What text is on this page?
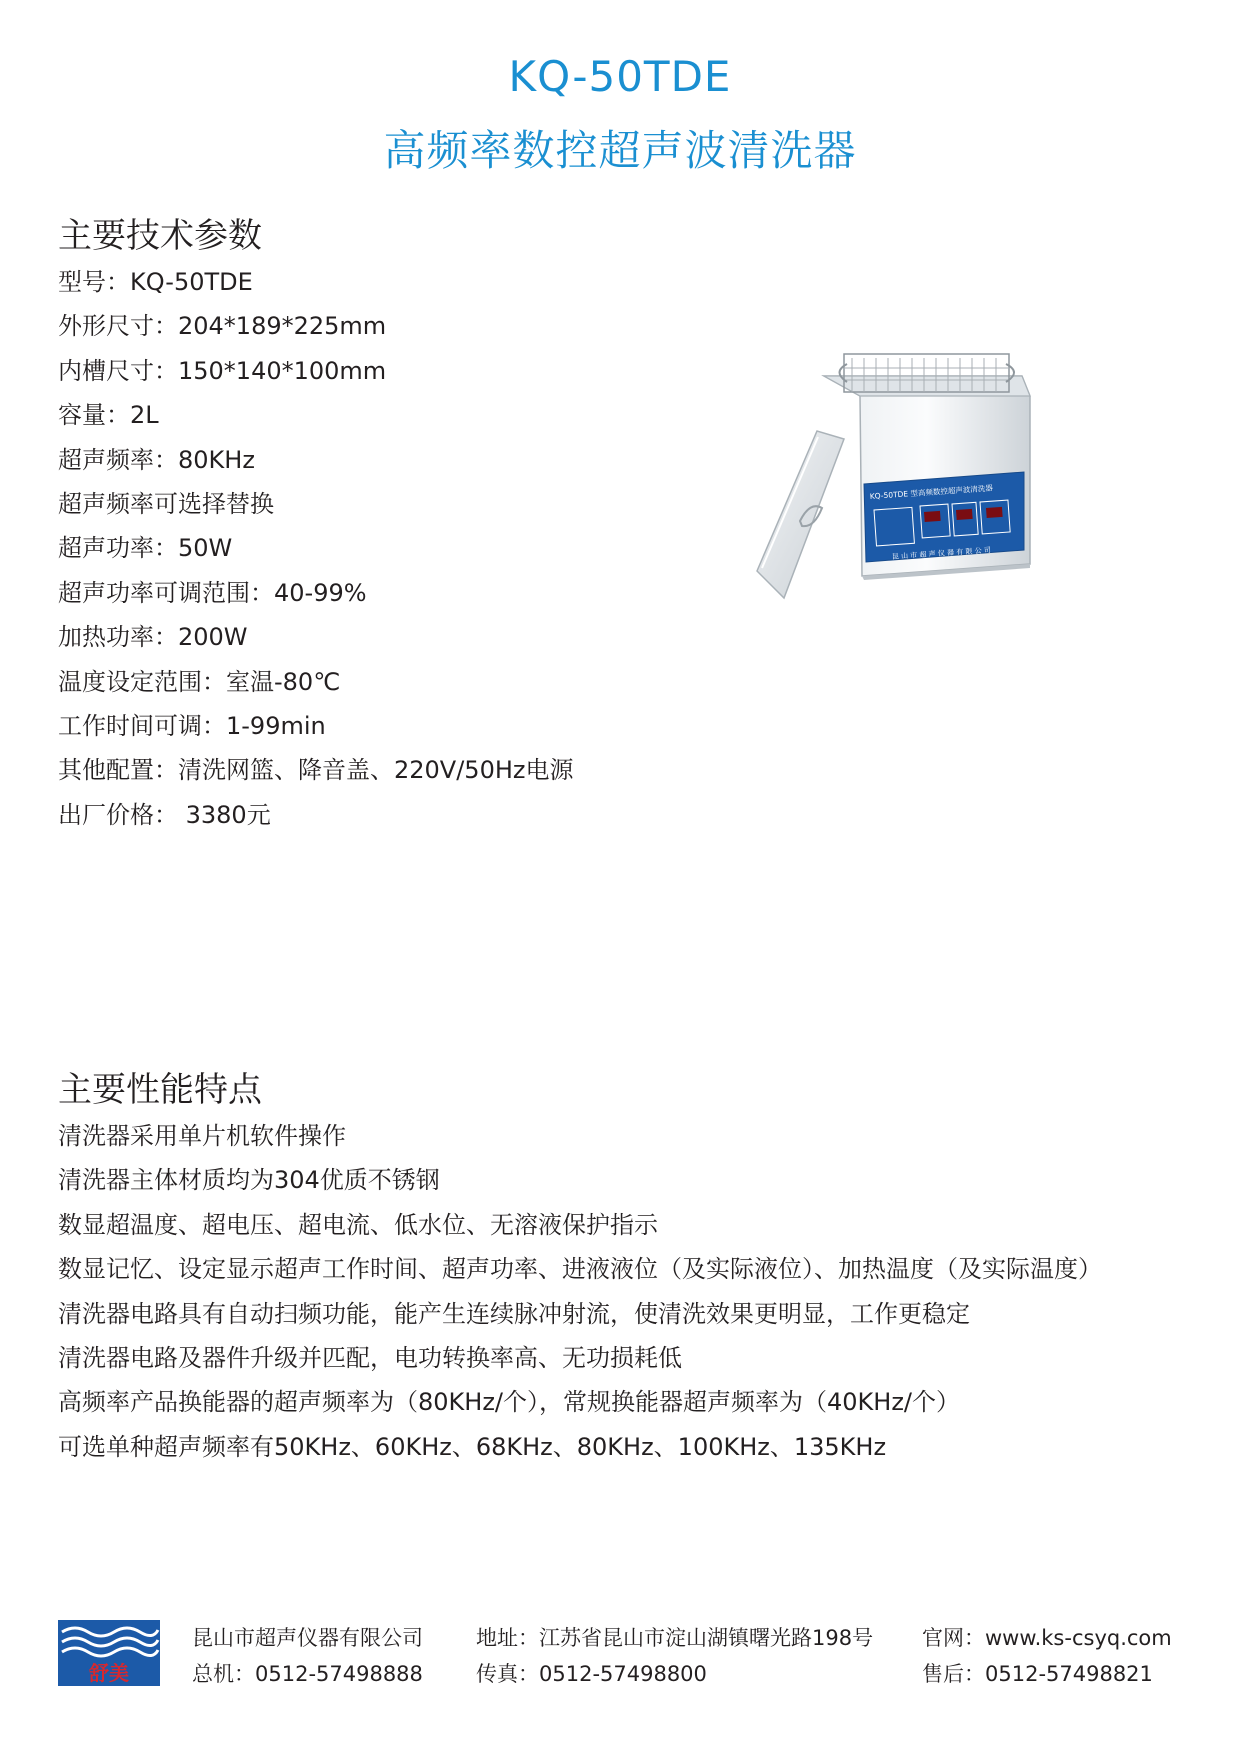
KQ-50TDE
高频率数控超声波清洗器
主要技术参数
型号：KQ-50TDE
外形尺寸：204*189*225mm
内槽尺寸：150*140*100mm
容量：2L
超声频率：80KHz
超声频率可选择替换
超声功率：50W
超声功率可调范围：40-99%
加热功率：200W
温度设定范围：室温-80℃
工作时间可调：1-99min
其他配置：清洗网篮、降音盖、220V/50Hz电源
出厂价格： 3380元
KQ-50TDE 型高频数控超声波清洗器
昆 山 市 超 声 仪 器 有 限 公 司
主要性能特点
清洗器采用单片机软件操作
清洗器主体材质均为304优质不锈钢
数显超温度、超电压、超电流、低水位、无溶液保护指示
数显记忆、设定显示超声工作时间、超声功率、进液液位（及实际液位）、加热温度（及实际温度）
清洗器电路具有自动扫频功能，能产生连续脉冲射流，使清洗效果更明显，工作更稳定
清洗器电路及器件升级并匹配，电功转换率高、无功损耗低
高频率产品换能器的超声频率为（80KHz/个），常规换能器超声频率为（40KHz/个）
可选单种超声频率有50KHz、60KHz、68KHz、80KHz、100KHz、135KHz
舒美
昆山市超声仪器有限公司
总机：0512-57498888
地址：江苏省昆山市淀山湖镇曙光路198号
传真：0512-57498800
官网：www.ks-csyq.com
售后：0512-57498821
